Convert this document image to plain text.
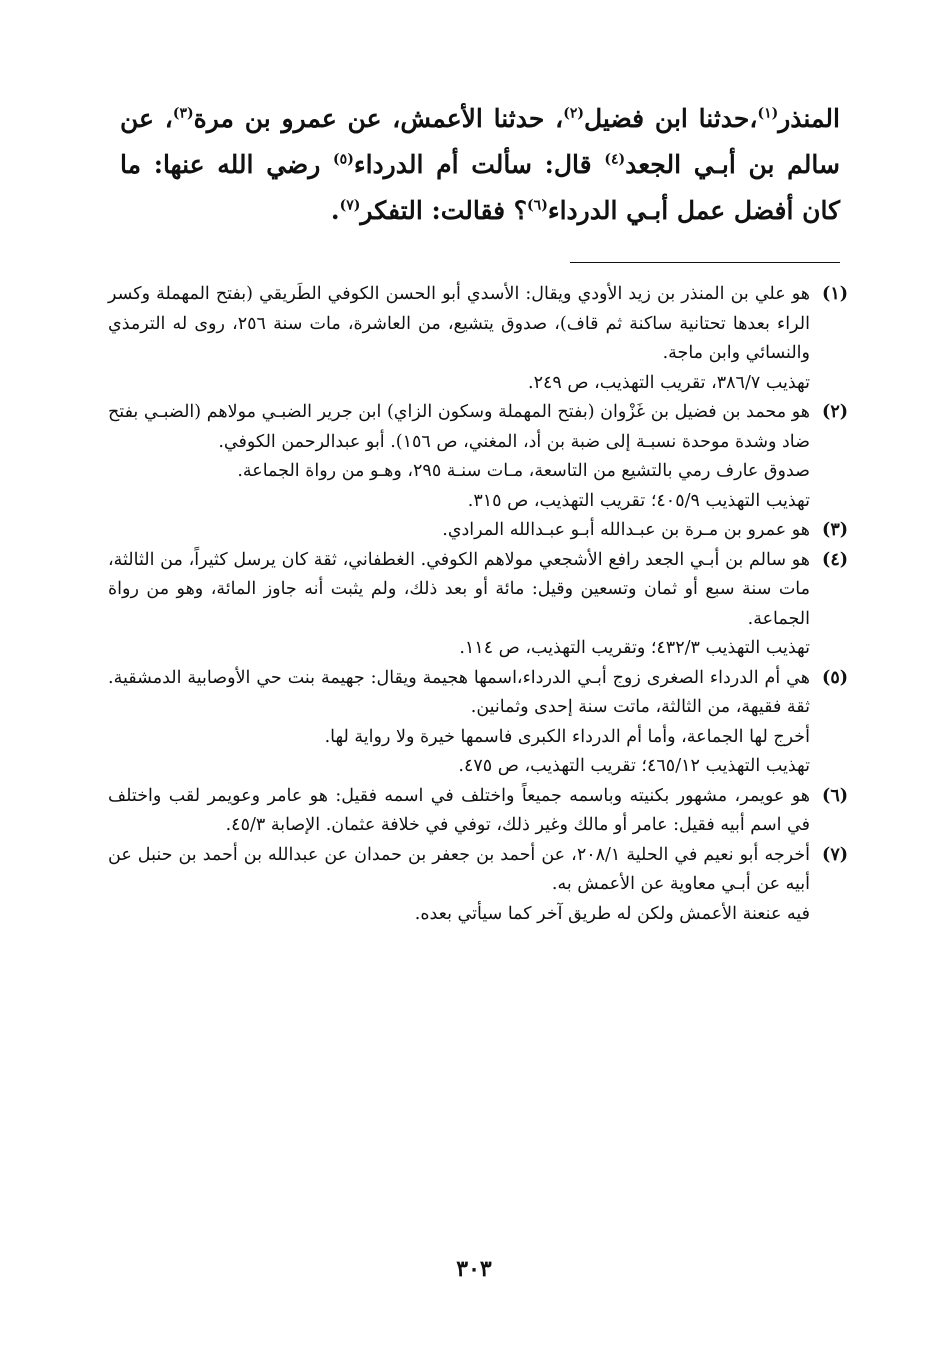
المنذر$^{(١)}$،حدثنا ابن فضيل$^{(٢)}$، حدثنا الأعمش، عن عمرو بن مرة$^{(٣)}$، عن سالم بن أبـي الجعد$^{(٤)}$ قال: سألت أم الدرداء$^{(٥)}$ رضي الله عنها: ما كان أفضل عمل أبـي الدرداء$^{(٦)}$؟ فقالت: التفكر$^{(٧)}$.

(١)

هو علي بن المنذر بن زيد الأودي ويقال: الأسدي أبو الحسن الكوفي الطَريقي (بفتح المهملة وكسر الراء بعدها تحتانية ساكنة ثم قاف)، صدوق يتشيع، من العاشرة، مات سنة ٢٥٦، روى له الترمذي والنسائي وابن ماجة.

تهذيب ٣٨٦/٧، تقريب التهذيب، ص ٢٤٩.

(٢)

هو محمد بن فضيل بن غَزْوان (بفتح المهملة وسكون الزاي) ابن جرير الضبـي مولاهم (الضبـي بفتح ضاد وشدة موحدة نسبـة إلى ضبة بن أد، المغني، ص ١٥٦). أبو عبدالرحمن الكوفي.

صدوق عارف رمي بالتشيع من التاسعة، مـات سنـة ٢٩٥، وهـو من رواة الجماعة.

تهذيب التهذيب ٤٠٥/٩؛ تقريب التهذيب، ص ٣١٥.

(٣)

هو عمرو بن مـرة بن عبـدالله أبـو عبـدالله المرادي.

(٤)

هو سالم بن أبـي الجعد رافع الأشجعي مولاهم الكوفي. الغطفاني، ثقة كان يرسل كثيراً، من الثالثة، مات سنة سبع أو ثمان وتسعين وقيل: مائة أو بعد ذلك، ولم يثبت أنه جاوز المائة، وهو من رواة الجماعة.

تهذيب التهذيب ٤٣٢/٣؛ وتقريب التهذيب، ص ١١٤.

(٥)

هي أم الدرداء الصغرى زوج أبـي الدرداء،اسمها هجيمة ويقال: جهيمة بنت حي الأوصابية الدمشقية. ثقة فقيهة، من الثالثة، ماتت سنة إحدى وثمانين.

أخرج لها الجماعة، وأما أم الدرداء الكبرى فاسمها خيرة ولا رواية لها.

تهذيب التهذيب ٤٦٥/١٢؛ تقريب التهذيب، ص ٤٧٥.

(٦)

هو عويمر، مشهور بكنيته وباسمه جميعاً واختلف في اسمه فقيل: هو عامر وعويمر لقب واختلف في اسم أبيه فقيل: عامر أو مالك وغير ذلك، توفي في خلافة عثمان. الإصابة ٤٥/٣.

(٧)

أخرجه أبو نعيم في الحلية ٢٠٨/١، عن أحمد بن جعفر بن حمدان عن عبدالله بن أحمد بن حنبل عن أبيه عن أبـي معاوية عن الأعمش به.

فيه عنعنة الأعمش ولكن له طريق آخر كما سيأتي بعده.

٣٠٣
